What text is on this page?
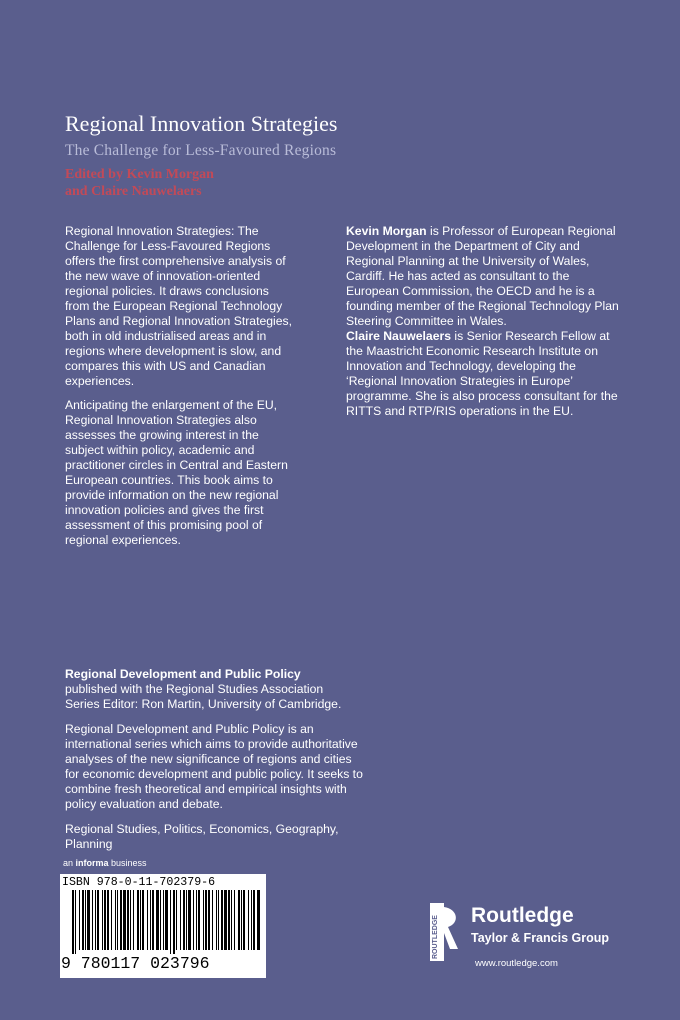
Regional Innovation Strategies
The Challenge for Less-Favoured Regions
Edited by Kevin Morgan
and Claire Nauwelaers

Regional Innovation Strategies: The Challenge for Less-Favoured Regions offers the first comprehensive analysis of the new wave of innovation-oriented regional policies. It draws conclusions from the European Regional Technology Plans and Regional Innovation Strategies, both in old industrialised areas and in regions where development is slow, and compares this with US and Canadian experiences.

Anticipating the enlargement of the EU, Regional Innovation Strategies also assesses the growing interest in the subject within policy, academic and practitioner circles in Central and Eastern European countries. This book aims to provide information on the new regional innovation policies and gives the first assessment of this promising pool of regional experiences.

Kevin Morgan is Professor of European Regional Development in the Department of City and Regional Planning at the University of Wales, Cardiff. He has acted as consultant to the European Commission, the OECD and he is a founding member of the Regional Technology Plan Steering Committee in Wales.
Claire Nauwelaers is Senior Research Fellow at the Maastricht Economic Research Institute on Innovation and Technology, developing the ‘Regional Innovation Strategies in Europe’ programme. She is also process consultant for the RITTS and RTP/RIS operations in the EU.

Regional Development and Public Policy
published with the Regional Studies Association
Series Editor: Ron Martin, University of Cambridge.

Regional Development and Public Policy is an international series which aims to provide authoritative analyses of the new significance of regions and cities for economic development and public policy. It seeks to combine fresh theoretical and empirical insights with policy evaluation and debate.

Regional Studies, Politics, Economics, Geography, Planning

an informa business
ISBN 978-0-11-702379-6
9 780117 023796
ROUTLEDGE Routledge
Taylor & Francis Group
www.routledge.com
